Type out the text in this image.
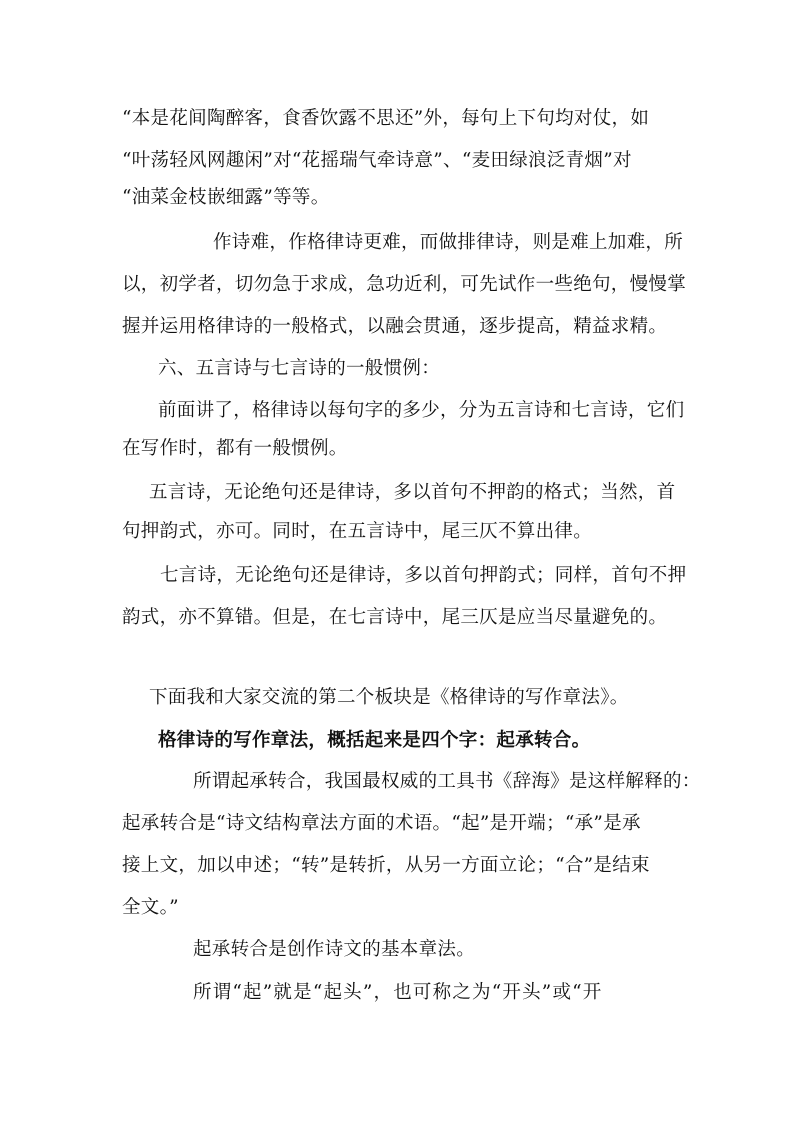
“本是花间陶醉客，食香饮露不思还”外，每句上下句均对仗，如
“叶荡轻风网趣闲”对“花摇瑞气牵诗意”、“麦田绿浪泛青烟”对
“油菜金枝嵌细露”等等。
作诗难，作格律诗更难，而做排律诗，则是难上加难，所
以，初学者，切勿急于求成，急功近利，可先试作一些绝句，慢慢掌
握并运用格律诗的一般格式，以融会贯通，逐步提高，精益求精。
六、五言诗与七言诗的一般惯例：
前面讲了，格律诗以每句字的多少，分为五言诗和七言诗，它们
在写作时，都有一般惯例。
五言诗，无论绝句还是律诗，多以首句不押韵的格式；当然，首
句押韵式，亦可。同时，在五言诗中，尾三仄不算出律。
七言诗，无论绝句还是律诗，多以首句押韵式；同样，首句不押
韵式，亦不算错。但是，在七言诗中，尾三仄是应当尽量避免的。
下面我和大家交流的第二个板块是《格律诗的写作章法》。
格律诗的写作章法，概括起来是四个字：起承转合。
所谓起承转合，我国最权威的工具书《辞海》是这样解释的：
起承转合是“诗文结构章法方面的术语。“起”是开端；“承”是承
接上文，加以申述；“转”是转折，从另一方面立论；“合”是结束
全文。”
起承转合是创作诗文的基本章法。
所谓“起”就是“起头”，也可称之为“开头”或“开
